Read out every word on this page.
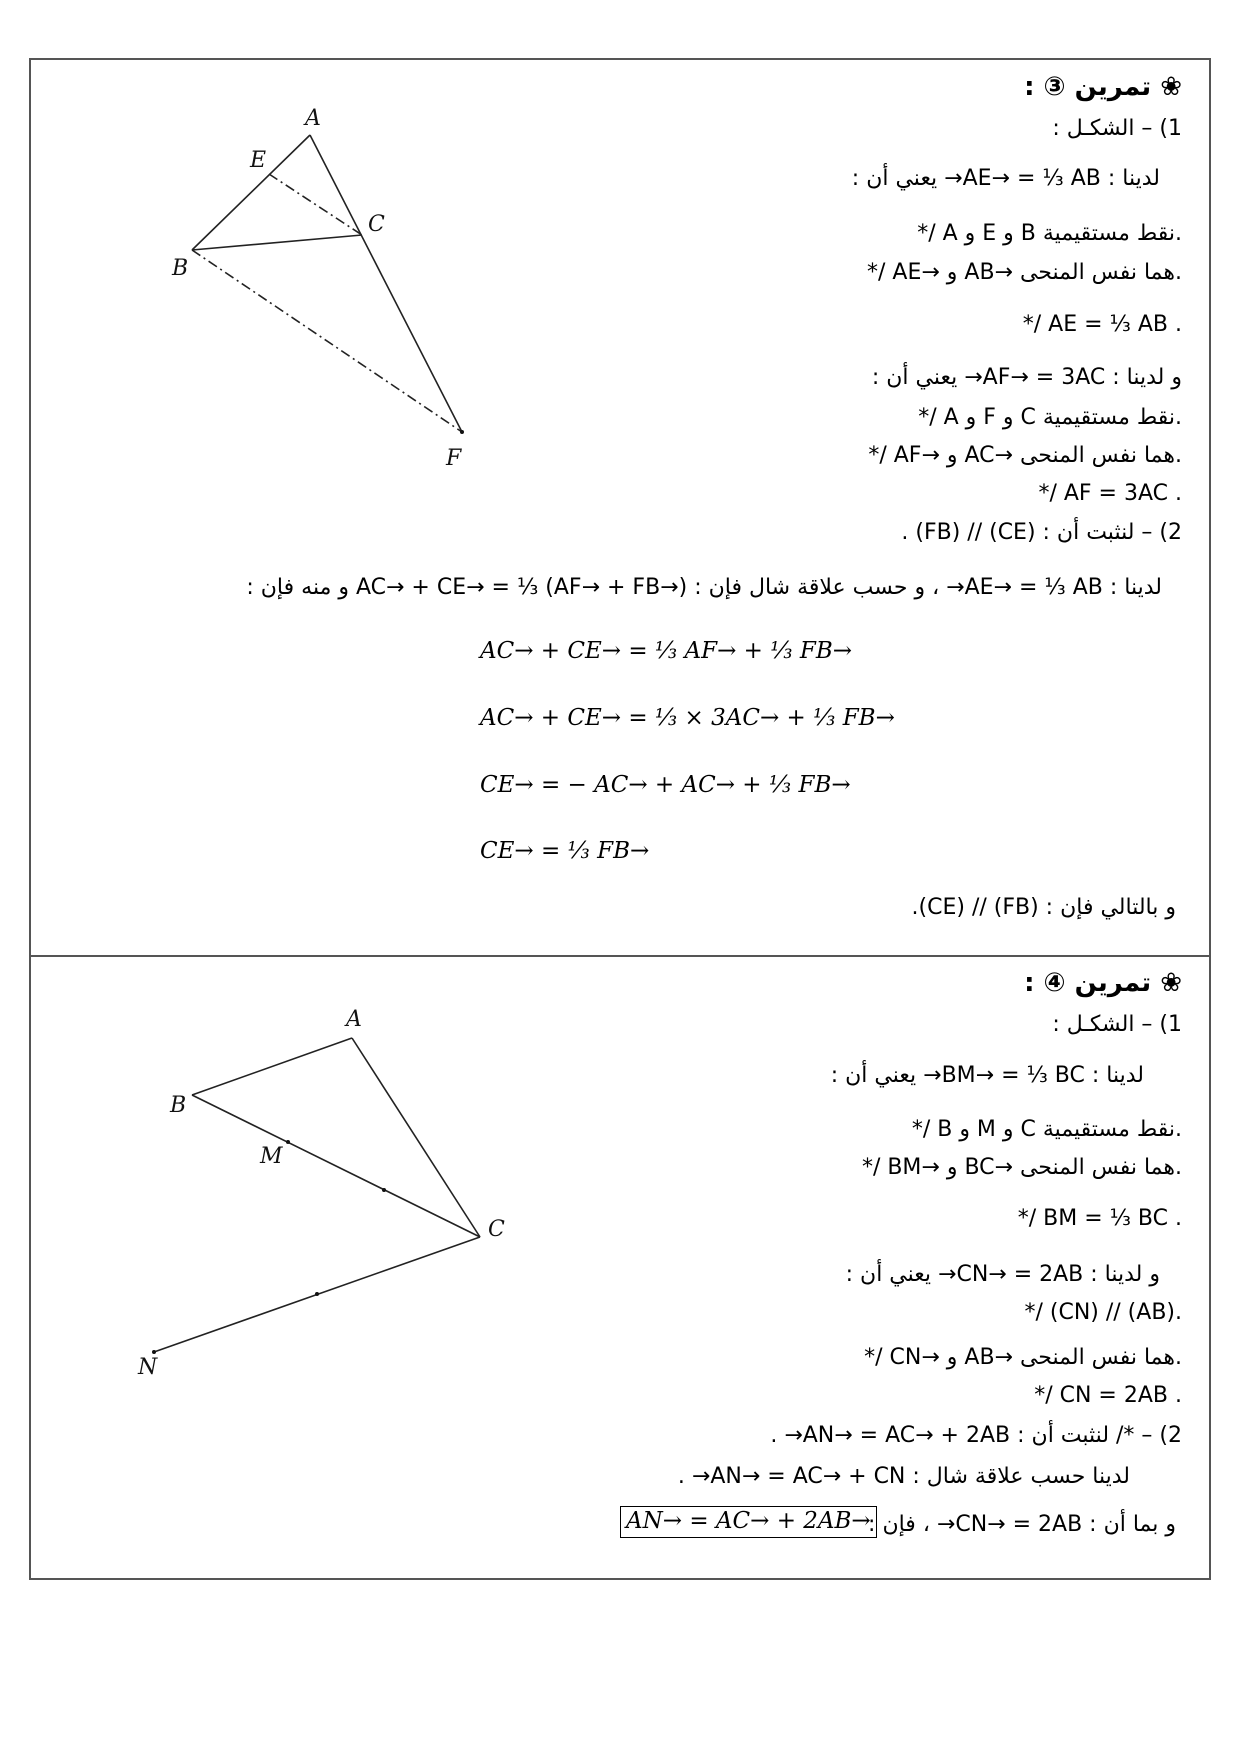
A
E
C
B
F
❀ تمرين ③ :
1) – الشكـل :
لدينا : AE→ = ⅓ AB→ يعني أن :
*/ A و E و B نقط مستقيمية.
*/ AE→ و AB→ هما نفس المنحى.
*/ AE = ⅓ AB .
و لدينا : AF→ = 3AC→ يعني أن :
*/ A و F و C نقط مستقيمية.
*/ AF→ و AC→ هما نفس المنحى.
*/ AF = 3AC .
2) – لنثبت أن : (CE) // (FB) .
لدينا : AE→ = ⅓ AB→ ، و حسب علاقة شال فإن : AC→ + CE→ = ⅓ (AF→ + FB→) و منه فإن :
AC→ + CE→ = ⅓ AF→ + ⅓ FB→
AC→ + CE→ = ⅓ × 3AC→ + ⅓ FB→
CE→ = − AC→ + AC→ + ⅓ FB→
CE→ = ⅓ FB→
و بالتالي فإن : (FB) // (CE).
A
B
M
C
N
❀ تمرين ④ :
1) – الشكـل :
لدينا : BM→ = ⅓ BC→ يعني أن :
*/ B و M و C نقط مستقيمية.
*/ BM→ و BC→ هما نفس المنحى.
*/ BM = ⅓ BC .
و لدينا : CN→ = 2AB→ يعني أن :
*/ (CN) // (AB).
*/ CN→ و AB→ هما نفس المنحى.
*/ CN = 2AB .
2) – */ لنثبت أن : AN→ = AC→ + 2AB→ .
لدينا حسب علاقة شال : AN→ = AC→ + CN→ .
و بما أن : CN→ = 2AB→ ، فإن :
AN→ = AC→ + 2AB→
